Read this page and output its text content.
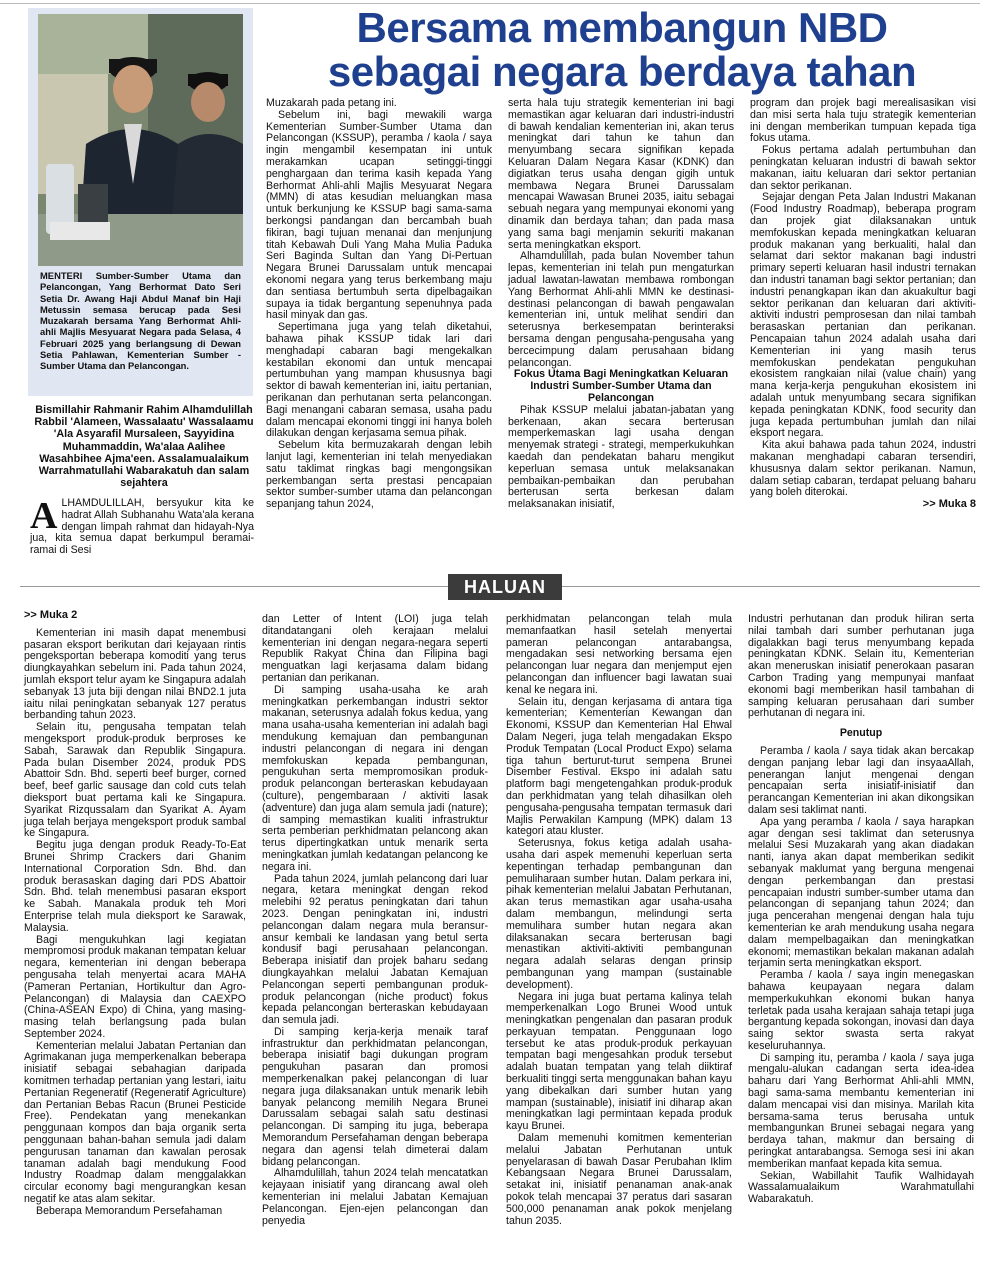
MENTERI Sumber-Sumber Utama dan Pelancongan, Yang Berhormat Dato Seri Setia Dr. Awang Haji Abdul Manaf bin Haji Metussin semasa berucap pada Sesi Muzakarah bersama Yang Berhormat Ahli-ahli Majlis Mesyuarat Negara pada Selasa, 4 Februari 2025 yang berlangsung di Dewan Setia Pahlawan, Kementerian Sumber - Sumber Utama dan Pelancongan.
Bersama membangun NBD
sebagai negara berdaya tahan
Bismillahir Rahmanir Rahim Alhamdulillah Rabbil 'Alameen, Wassalaatu' Wassalaamu 'Ala Asyarafil Mursaleen, Sayyidina Muhammaddin, Wa'alaa Aalihee Wasahbihee Ajma'een. Assalamualaikum Warrahmatullahi Wabarakatuh dan salam sejahtera

ALHAMDULILLAH, bersyukur kita ke hadrat Allah Subhanahu Wata'ala kerana dengan limpah rahmat dan hidayah-Nya jua, kita semua dapat berkumpul beramai-ramai di Sesi

Muzakarah pada petang ini.

Sebelum ini, bagi mewakili warga Kementerian Sumber-Sumber Utama dan Pelancongan (KSSUP), peramba / kaola / saya ingin mengambil kesempatan ini untuk merakamkan ucapan setinggi-tinggi penghargaan dan terima kasih kepada Yang Berhormat Ahli-ahli Majlis Mesyuarat Negara (MMN) di atas kesudian meluangkan masa untuk berkunjung ke KSSUP bagi sama-sama berkongsi pandangan dan bercambah buah fikiran, bagi tujuan menanai dan menjunjung titah Kebawah Duli Yang Maha Mulia Paduka Seri Baginda Sultan dan Yang Di-Pertuan Negara Brunei Darussalam untuk mencapai ekonomi negara yang terus berkembang maju dan sentiasa bertumbuh serta dipelbagaikan supaya ia tidak bergantung sepenuhnya pada hasil minyak dan gas.

Sepertimana juga yang telah diketahui, bahawa pihak KSSUP tidak lari dari menghadapi cabaran bagi mengekalkan kestabilan ekonomi dan untuk mencapai pertumbuhan yang mampan khususnya bagi sektor di bawah kementerian ini, iaitu pertanian, perikanan dan perhutanan serta pelancongan. Bagi menangani cabaran semasa, usaha padu dalam mencapai ekonomi tinggi ini hanya boleh dilakukan dengan kerjasama semua pihak.

Sebelum kita bermuzakarah dengan lebih lanjut lagi, kementerian ini telah menyediakan satu taklimat ringkas bagi mengongsikan perkembangan serta prestasi pencapaian sektor sumber-sumber utama dan pelancongan sepanjang tahun 2024,

serta hala tuju strategik kementerian ini bagi memastikan agar keluaran dari industri-industri di bawah kendalian kementerian ini, akan terus meningkat dari tahun ke tahun dan menyumbang secara signifikan kepada Keluaran Dalam Negara Kasar (KDNK) dan digiatkan terus usaha dengan gigih untuk membawa Negara Brunei Darussalam mencapai Wawasan Brunei 2035, iaitu sebagai sebuah negara yang mempunyai ekonomi yang dinamik dan berdaya tahan; dan pada masa yang sama bagi menjamin sekuriti makanan serta meningkatkan eksport.

Alhamdulillah, pada bulan November tahun lepas, kementerian ini telah pun mengaturkan jadual lawatan-lawatan membawa rombongan Yang Berhormat Ahli-ahli MMN ke destinasi-destinasi pelancongan di bawah pengawalan kementerian ini, untuk melihat sendiri dan seterusnya berkesempatan berinteraksi bersama dengan pengusaha-pengusaha yang bercecimpung dalam perusahaan bidang pelancongan.

Fokus Utama Bagi Meningkatkan Keluaran Industri Sumber-Sumber Utama dan Pelancongan

Pihak KSSUP melalui jabatan-jabatan yang berkenaan, akan secara berterusan memperkemaskan lagi usaha dengan menyemak strategi - strategi, memperkukuhkan kaedah dan pendekatan baharu mengikut keperluan semasa untuk melaksanakan pembaikan-pembaikan dan perubahan berterusan serta berkesan dalam melaksanakan inisiatif,

program dan projek bagi merealisasikan visi dan misi serta hala tuju strategik kementerian ini dengan memberikan tumpuan kepada tiga fokus utama.

Fokus pertama adalah pertumbuhan dan peningkatan keluaran industri di bawah sektor makanan, iaitu keluaran dari sektor pertanian dan sektor perikanan.

Sejajar dengan Peta Jalan Industri Makanan (Food Industry Roadmap), beberapa program dan projek giat dilaksanakan untuk memfokuskan kepada meningkatkan keluaran produk makanan yang berkualiti, halal dan selamat dari sektor makanan bagi industri primary seperti keluaran hasil industri ternakan dan industri tanaman bagi sektor pertanian; dan industri penangkapan ikan dan akuakultur bagi sektor perikanan dan keluaran dari aktiviti-aktiviti industri pemprosesan dan nilai tambah berasaskan pertanian dan perikanan. Pencapaian tahun 2024 adalah usaha dari Kementerian ini yang masih terus memfokuskan pendekatan pengukuhan ekosistem rangkaian nilai (value chain) yang mana kerja-kerja pengukuhan ekosistem ini adalah untuk menyumbang secara signifikan kepada peningkatan KDNK, food security dan juga kepada pertumbuhan jumlah dan nilai eksport negara.

Kita akui bahawa pada tahun 2024, industri makanan menghadapi cabaran tersendiri, khususnya dalam sektor perikanan. Namun, dalam setiap cabaran, terdapat peluang baharu yang boleh diterokai.

>> Muka 8

HALUAN

>> Muka 2

Kementerian ini masih dapat menembusi pasaran eksport berikutan dari kejayaan rintis pengeksportan beberapa komoditi yang terus diungkayahkan sebelum ini. Pada tahun 2024, jumlah eksport telur ayam ke Singapura adalah sebanyak 13 juta biji dengan nilai BND2.1 juta iaitu nilai peningkatan sebanyak 127 peratus berbanding tahun 2023.

Selain itu, pengusaha tempatan telah mengeksport produk-produk berproses ke Sabah, Sarawak dan Republik Singapura. Pada bulan Disember 2024, produk PDS Abattoir Sdn. Bhd. seperti beef burger, corned beef, beef garlic sausage dan cold cuts telah dieksport buat pertama kali ke Singapura. Syarikat Rizqussalam dan Syarikat A. Ayam juga telah berjaya mengeksport produk sambal ke Singapura.

Begitu juga dengan produk Ready-To-Eat Brunei Shrimp Crackers dari Ghanim International Corporation Sdn. Bhd. dan produk berasaskan daging dari PDS Abattoir Sdn. Bhd. telah menembusi pasaran eksport ke Sabah. Manakala produk teh Mori Enterprise telah mula dieksport ke Sarawak, Malaysia.

Bagi mengukuhkan lagi kegiatan mempromosi produk makanan tempatan keluar negara, kementerian ini dengan beberapa pengusaha telah menyertai acara MAHA (Pameran Pertanian, Hortikultur dan Agro-Pelancongan) di Malaysia dan CAEXPO (China-ASEAN Expo) di China, yang masing-masing telah berlangsung pada bulan September 2024.

Kementerian melalui Jabatan Pertanian dan Agrimakanan juga memperkenalkan beberapa inisiatif sebagai sebahagian daripada komitmen terhadap pertanian yang lestari, iaitu Pertanian Regeneratif (Regeneratif Agriculture) dan Pertanian Bebas Racun (Brunei Pesticide Free). Pendekatan yang menekankan penggunaan kompos dan baja organik serta penggunaan bahan-bahan semula jadi dalam pengurusan tanaman dan kawalan perosak tanaman adalah bagi mendukung Food Industry Roadmap dalam menggalakkan circular economy bagi mengurangkan kesan negatif ke atas alam sekitar.

Beberapa Memorandum Persefahaman

dan Letter of Intent (LOI) juga telah ditandatangani oleh kerajaan melalui kementerian ini dengan negara-negara seperti Republik Rakyat China dan Filipina bagi menguatkan lagi kerjasama dalam bidang pertanian dan perikanan.

Di samping usaha-usaha ke arah meningkatkan perkembangan industri sektor makanan, seterusnya adalah fokus kedua, yang mana usaha-usaha kementerian ini adalah bagi mendukung kemajuan dan pembangunan industri pelancongan di negara ini dengan memfokuskan kepada pembangunan, pengukuhan serta mempromosikan produk-produk pelancongan berteraskan kebudayaan (culture), pengembaraan / aktiviti lasak (adventure) dan juga alam semula jadi (nature); di samping memastikan kualiti infrastruktur serta pemberian perkhidmatan pelancong akan terus dipertingkatkan untuk menarik serta meningkatkan jumlah kedatangan pelancong ke negara ini.

Pada tahun 2024, jumlah pelancong dari luar negara, ketara meningkat dengan rekod melebihi 92 peratus peningkatan dari tahun 2023. Dengan peningkatan ini, industri pelancongan dalam negara mula beransur-ansur kembali ke landasan yang betul serta kondusif bagi perusahaan pelancongan. Beberapa inisiatif dan projek baharu sedang diungkayahkan melalui Jabatan Kemajuan Pelancongan seperti pembangunan produk-produk pelancongan (niche product) fokus kepada pelancongan berteraskan kebudayaan dan semula jadi.

Di samping kerja-kerja menaik taraf infrastruktur dan perkhidmatan pelancongan, beberapa inisiatif bagi dukungan program pengukuhan pasaran dan promosi memperkenalkan pakej pelancongan di luar negara juga dilaksanakan untuk menarik lebih banyak pelancong memilih Negara Brunei Darussalam sebagai salah satu destinasi pelancongan. Di samping itu juga, beberapa Memorandum Persefahaman dengan beberapa negara dan agensi telah dimeterai dalam bidang pelancongan.

Alhamdulillah, tahun 2024 telah mencatatkan kejayaan inisiatif yang dirancang awal oleh kementerian ini melalui Jabatan Kemajuan Pelancongan. Ejen-ejen pelancongan dan penyedia

perkhidmatan pelancongan telah mula memanfaatkan hasil setelah menyertai pameran pelancongan antarabangsa, mengadakan sesi networking bersama ejen pelancongan luar negara dan menjemput ejen pelancongan dan influencer bagi lawatan suai kenal ke negara ini.

Selain itu, dengan kerjasama di antara tiga kementerian; Kementerian Kewangan dan Ekonomi, KSSUP dan Kementerian Hal Ehwal Dalam Negeri, juga telah mengadakan Ekspo Produk Tempatan (Local Product Expo) selama tiga tahun berturut-turut sempena Brunei Disember Festival. Ekspo ini adalah satu platform bagi mengetengahkan produk-produk dan perkhidmatan yang telah dihasilkan oleh pengusaha-pengusaha tempatan termasuk dari Majlis Perwakilan Kampung (MPK) dalam 13 kategori atau kluster.

Seterusnya, fokus ketiga adalah usaha-usaha dari aspek memenuhi keperluan serta kepentingan terhadap pembangunan dan pemuliharaan sumber hutan. Dalam perkara ini, pihak kementerian melalui Jabatan Perhutanan, akan terus memastikan agar usaha-usaha dalam membangun, melindungi serta memulihara sumber hutan negara akan dilaksanakan secara berterusan bagi menastikan aktiviti-aktiviti pembangunan negara adalah selaras dengan prinsip pembangunan yang mampan (sustainable development).

Negara ini juga buat pertama kalinya telah memperkenalkan Logo Brunei Wood untuk meningkatkan pengenalan dan pasaran produk perkayuan tempatan. Penggunaan logo tersebut ke atas produk-produk perkayuan tempatan bagi mengesahkan produk tersebut adalah buatan tempatan yang telah diiktiraf berkualiti tinggi serta menggunakan bahan kayu yang dibekalkan dari sumber hutan yang mampan (sustainable), inisiatif ini diharap akan meningkatkan lagi permintaan kepada produk kayu Brunei.

Dalam memenuhi komitmen kementerian melalui Jabatan Perhutanan untuk penyelarasan di bawah Dasar Perubahan Iklim Kebangsaan Negara Brunei Darussalam, setakat ini, inisiatif penanaman anak-anak pokok telah mencapai 37 peratus dari sasaran 500,000 penanaman anak pokok menjelang tahun 2035.

Industri perhutanan dan produk hiliran serta nilai tambah dari sumber perhutanan juga digalakkan bagi terus menyumbang kepada peningkatan KDNK. Selain itu, Kementerian akan meneruskan inisiatif penerokaan pasaran Carbon Trading yang mempunyai manfaat ekonomi bagi memberikan hasil tambahan di samping keluaran perusahaan dari sumber perhutanan di negara ini.

Penutup

Peramba / kaola / saya tidak akan bercakap dengan panjang lebar lagi dan insyaaAllah, penerangan lanjut mengenai dengan pencapaian serta inisiatif-inisiatif dan perancangan Kementerian ini akan dikongsikan dalam sesi taklimat nanti.

Apa yang peramba / kaola / saya harapkan agar dengan sesi taklimat dan seterusnya melalui Sesi Muzakarah yang akan diadakan nanti, ianya akan dapat memberikan sedikit sebanyak maklumat yang berguna mengenai dengan perkembangan dan prestasi pencapaian industri sumber-sumber utama dan pelancongan di sepanjang tahun 2024; dan juga pencerahan mengenai dengan hala tuju kementerian ke arah mendukung usaha negara dalam mempelbagaikan dan meningkatkan ekonomi; memastikan bekalan makanan adalah terjamin serta meningkatkan eksport.

Peramba / kaola / saya ingin menegaskan bahawa keupayaan negara dalam memperkukuhkan ekonomi bukan hanya terletak pada usaha kerajaan sahaja tetapi juga bergantung kepada sokongan, inovasi dan daya saing sektor swasta serta rakyat keseluruhannya.

Di samping itu, peramba / kaola / saya juga mengalu-alukan cadangan serta idea-idea baharu dari Yang Berhormat Ahli-ahli MMN, bagi sama-sama membantu kementerian ini dalam mencapai visi dan misinya. Marilah kita bersama-sama terus berusaha untuk membangunkan Brunei sebagai negara yang berdaya tahan, makmur dan bersaing di peringkat antarabangsa. Semoga sesi ini akan memberikan manfaat kepada kita semua.

Sekian, Wabillahit Taufik Walhidayah Wassalamualaikum Warahmatullahi Wabarakatuh.
